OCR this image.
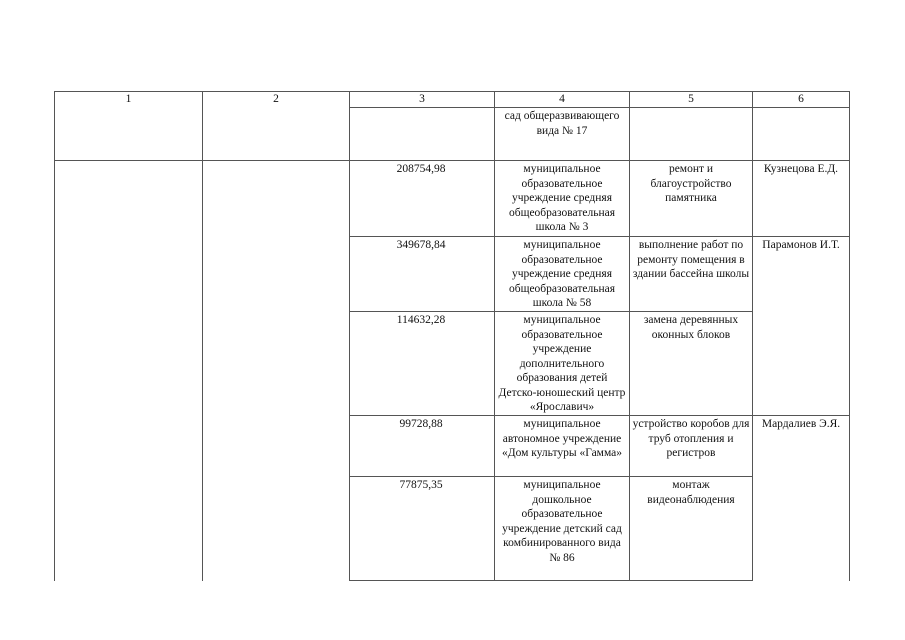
1	2	3	4	5	6
			сад общеразвивающего вида № 17		
		208754,98	муниципальное образовательное учреждение средняя общеобразовательная школа № 3	ремонт и благоустройство памятника	Кузнецова Е.Д.
		349678,84	муниципальное образовательное учреждение средняя общеобразовательная школа № 58	выполнение работ по ремонту помещения в здании бассейна школы	Парамонов И.Т.
		114632,28	муниципальное образовательное учреждение дополнительного образования детей Детско-юношеский центр «Ярославич»	замена деревянных оконных блоков	
		99728,88	муниципальное автономное учреждение «Дом культуры «Гамма»	устройство коробов для труб отопления и регистров	Мардалиев Э.Я.
		77875,35	муниципальное дошкольное образовательное учреждение детский сад комбинированного вида № 86	монтаж видеонаблюдения	
